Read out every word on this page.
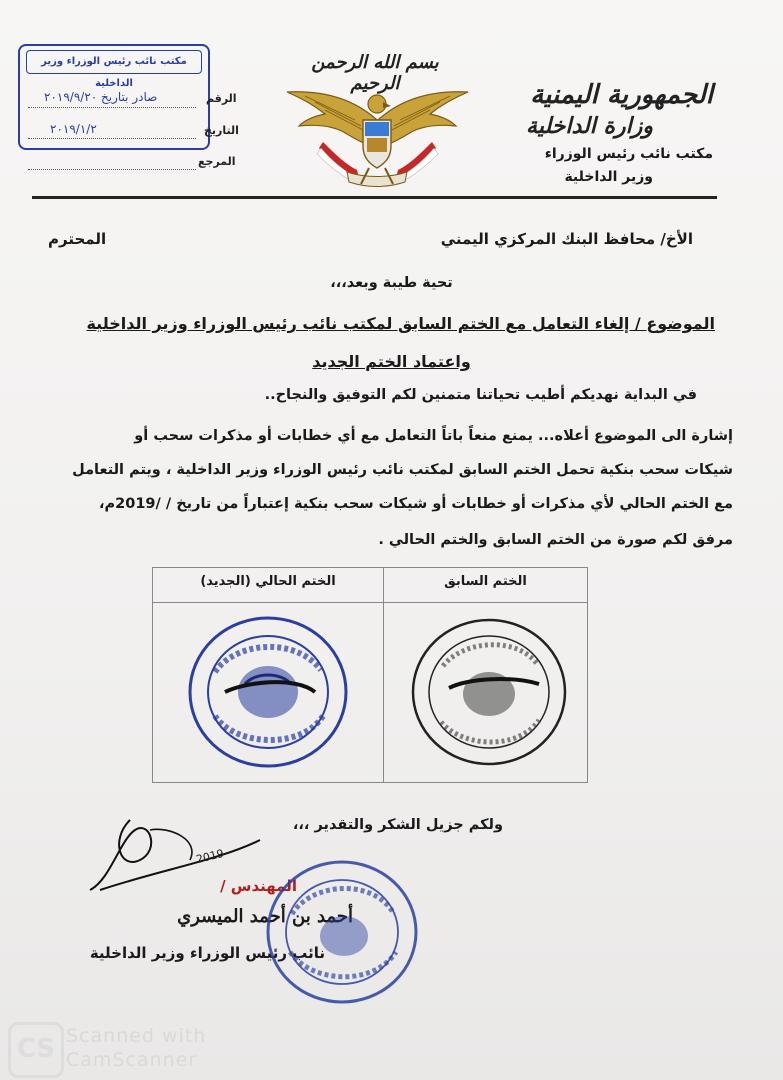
الجمهورية اليمنية
وزارة الداخلية
مكتب نائب رئيس الوزراء
وزير الداخلية
بسم الله الرحمن الرحيم
مكتب نائب رئيس الوزراء وزير الداخلية
صادر بتاريخ ٢٠١٩/٩/٢٠
٢٠١٩/١/٢
الرقم
التاريخ
المرجع
الأخ/ محافظ البنك المركزي اليمني
المحترم
تحية طيبة وبعد،،،
الموضوع / إلغاء التعامل مع الختم السابق لمكتب نائب رئيس الوزراء وزير الداخلية
واعتماد الختم الجديد
في البداية نهديكم أطيب تحياتنا متمنين لكم التوفيق والنجاح..
إشارة الى الموضوع أعلاه... يمنع منعاً باتاً التعامل مع أي خطابات أو مذكرات سحب أو
شيكات سحب بنكية تحمل الختم السابق لمكتب نائب رئيس الوزراء وزير الداخلية ، ويتم التعامل
مع الختم الحالي لأي مذكرات أو خطابات أو شيكات سحب بنكية إعتباراً من تاريخ / /2019م،
مرفق لكم صورة من الختم السابق والختم الحالي .
الختم السابق
الختم الحالي (الجديد)
ولكم جزيل الشكر والتقدير ،،،
2019
المهندس /
أحمد بن أحمد الميسري
نائب رئيس الوزراء وزير الداخلية
CS Scanned with
CamScanner
